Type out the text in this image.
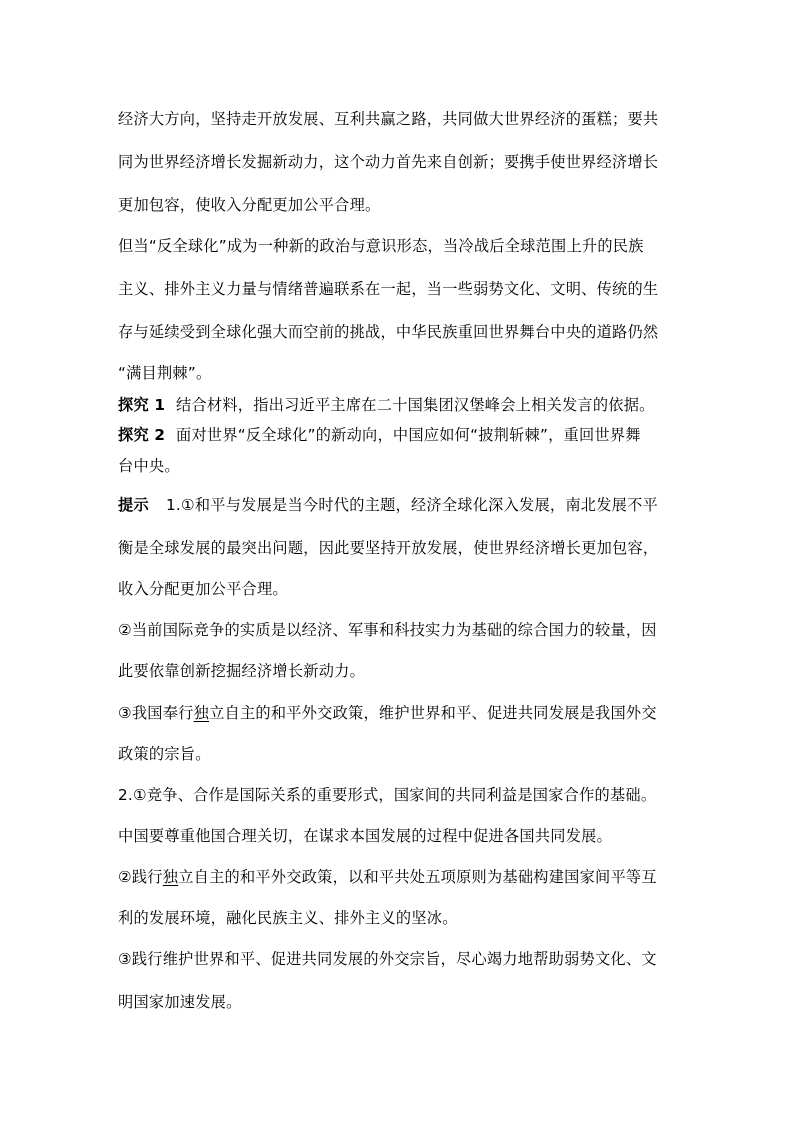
经济大方向，坚持走开放发展、互利共赢之路，共同做大世界经济的蛋糕；要共
同为世界经济增长发掘新动力，这个动力首先来自创新；要携手使世界经济增长
更加包容，使收入分配更加公平合理。
但当“反全球化”成为一种新的政治与意识形态，当冷战后全球范围上升的民族
主义、排外主义力量与情绪普遍联系在一起，当一些弱势文化、文明、传统的生
存与延续受到全球化强大而空前的挑战，中华民族重回世界舞台中央的道路仍然
“满目荆棘”。
探究 1 结合材料，指出习近平主席在二十国集团汉堡峰会上相关发言的依据。
探究 2 面对世界“反全球化”的新动向，中国应如何“披荆斩棘”，重回世界舞
台中央。
提示 1.①和平与发展是当今时代的主题，经济全球化深入发展，南北发展不平
衡是全球发展的最突出问题，因此要坚持开放发展，使世界经济增长更加包容，
收入分配更加公平合理。
②当前国际竞争的实质是以经济、军事和科技实力为基础的综合国力的较量，因
此要依靠创新挖掘经济增长新动力。
③我国奉行独立自主的和平外交政策，维护世界和平、促进共同发展是我国外交
政策的宗旨。
2.①竞争、合作是国际关系的重要形式，国家间的共同利益是国家合作的基础。
中国要尊重他国合理关切，在谋求本国发展的过程中促进各国共同发展。
②践行独立自主的和平外交政策，以和平共处五项原则为基础构建国家间平等互
利的发展环境，融化民族主义、排外主义的坚冰。
③践行维护世界和平、促进共同发展的外交宗旨，尽心竭力地帮助弱势文化、文
明国家加速发展。
